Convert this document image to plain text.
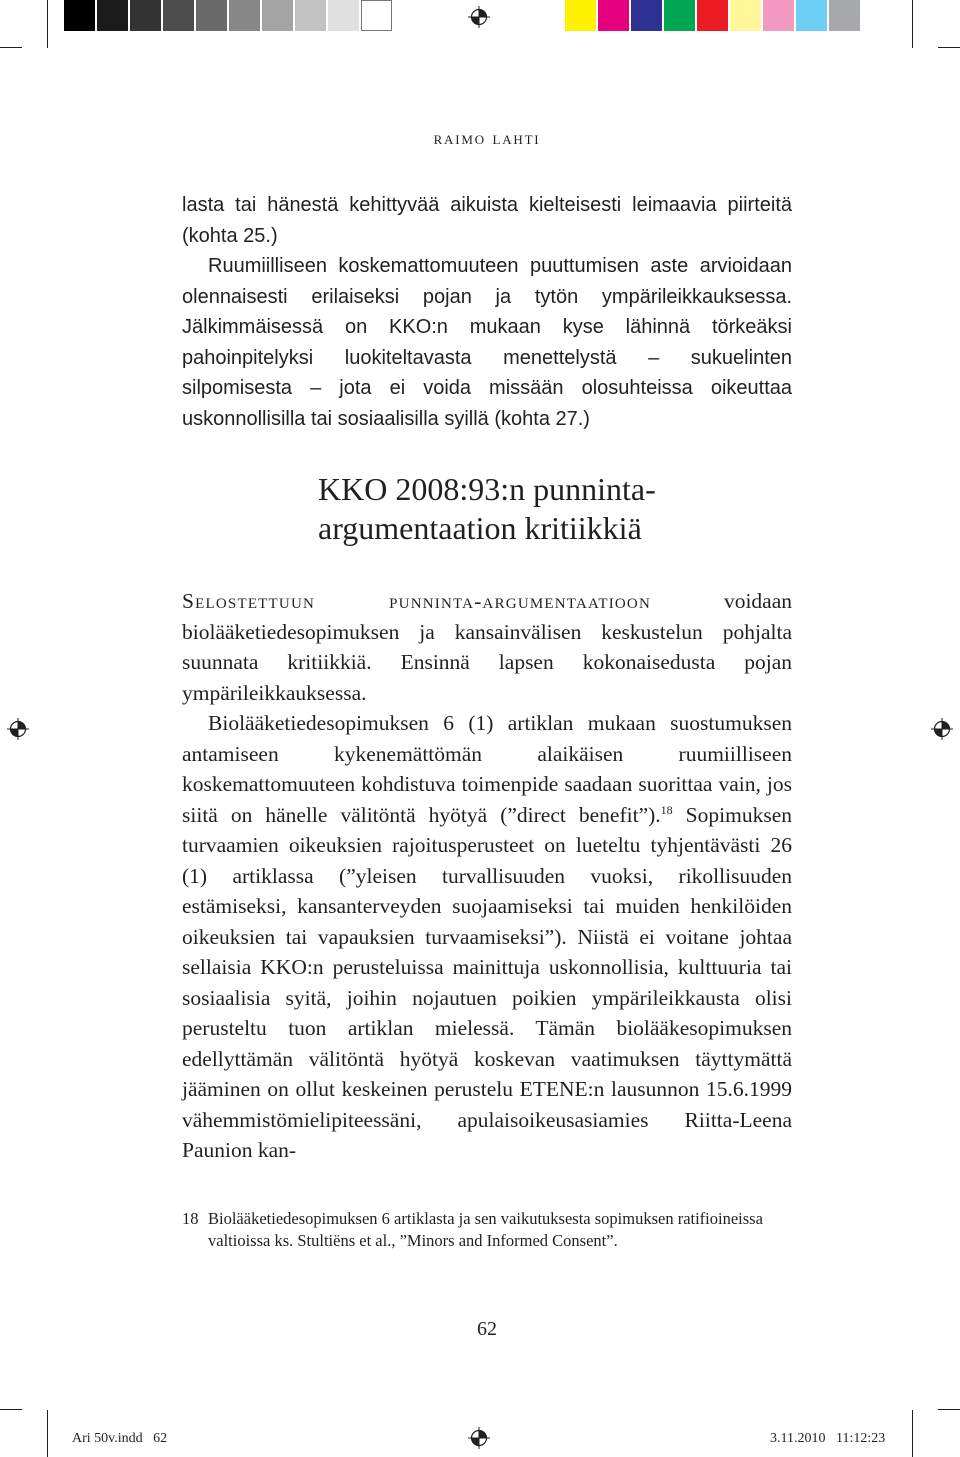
raimo lahti

lasta tai hänestä kehittyvää aikuista kielteisesti leimaavia piirteitä (kohta 25.)

Ruumiilliseen koskemattomuuteen puuttumisen aste arvioidaan olennaisesti erilaiseksi pojan ja tytön ympärileikkauksessa. Jälkimmäisessä on KKO:n mukaan kyse lähinnä törkeäksi pahoinpitelyksi luokiteltavasta menettelystä – sukuelinten silpomisesta – jota ei voida missään olosuhteissa oikeuttaa uskonnollisilla tai sosiaalisilla syillä (kohta 27.)

KKO 2008:93:n punninta-
argumentaation kritiikkiä

Selostettuun punninta-argumentaatioon voidaan biolääketiedesopimuksen ja kansainvälisen keskustelun pohjalta suunnata kritiikkiä. Ensinnä lapsen kokonaisedusta pojan ympärileikkauksessa.

Biolääketiedesopimuksen 6 (1) artiklan mukaan suostumuksen antamiseen kykenemättömän alaikäisen ruumiilliseen koskemattomuuteen kohdistuva toimenpide saadaan suorittaa vain, jos siitä on hänelle välitöntä hyötyä (”direct benefit”).$^{18}$ Sopimuksen turvaamien oikeuksien rajoitusperusteet on lueteltu tyhjentävästi 26 (1) artiklassa (”yleisen turvallisuuden vuoksi, rikollisuuden estämiseksi, kansanterveyden suojaamiseksi tai muiden henkilöiden oikeuksien tai vapauksien turvaamiseksi”). Niistä ei voitane johtaa sellaisia KKO:n perusteluissa mainittuja uskonnollisia, kulttuuria tai sosiaalisia syitä, joihin nojautuen poikien ympärileikkausta olisi perusteltu tuon artiklan mielessä. Tämän biolääkesopimuksen edellyttämän välitöntä hyötyä koskevan vaatimuksen täyttymättä jääminen on ollut keskeinen perustelu ETENE:n lausunnon 15.6.1999 vähemmistömielipiteessäni, apulaisoikeusasiamies Riitta-Leena Paunion kan-

18 Biolääketiedesopimuksen 6 artiklasta ja sen vaikutuksesta sopimuksen ratifioineissa valtioissa ks. Stultiëns et al., ”Minors and Informed Consent”.
62
Ari 50v.indd   62	3.11.2010   11:12:23
